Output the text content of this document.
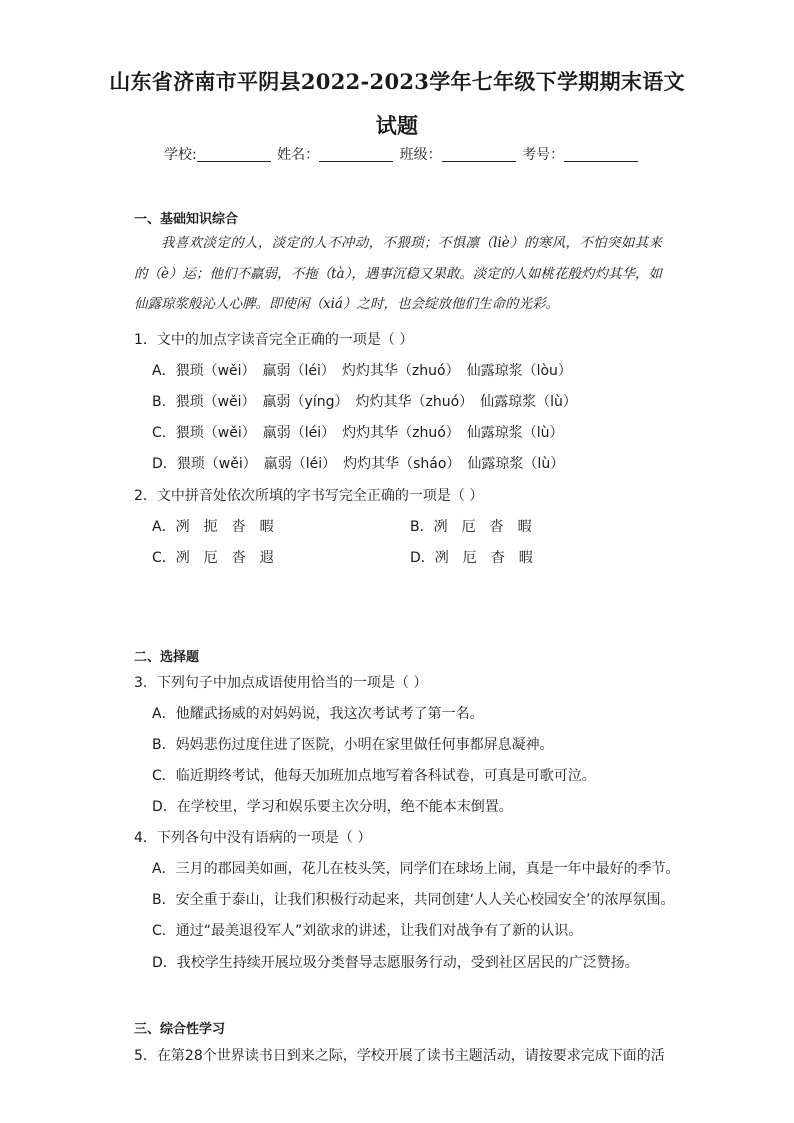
山东省济南市平阴县2022-2023学年七年级下学期期末语文
试题
学校:	姓名：	班级：	考号：
一、基础知识综合

我喜欢淡定的人，淡定的人不冲动，不猥琐；不惧凛（liè）的寒风，不怕突如其来的（è）运；他们不羸弱，不拖（tà），遇事沉稳又果敢。淡定的人如桃花般灼灼其华，如仙露琼浆般沁人心脾。即使闲（xiá）之时，也会绽放他们生命的光彩。

1．文中的加点字读音完全正确的一项是（ ）
A．猥琐（wěi）　羸弱（léi）　灼灼其华（zhuó）　仙露琼浆（lòu）
B．猥琐（wěi）　羸弱（yíng）　灼灼其华（zhuó）　仙露琼浆（lù）
C．猥琐（wěi）　羸弱（léi）　灼灼其华（zhuó）　仙露琼浆（lù）
D．猥琐（wěi）　羸弱（léi）　灼灼其华（sháo）　仙露琼浆（lù）
2．文中拼音处依次所填的字书写完全正确的一项是（ ）
A．冽　扼　沓　暇	B．冽　厄　沓　暇
C．冽　厄　沓　遐	D．冽　厄　杳　暇
二、选择题
3．下列句子中加点成语使用恰当的一项是（ ）
A．他耀武扬威的对妈妈说，我这次考试考了第一名。
B．妈妈悲伤过度住进了医院，小明在家里做任何事都屏息凝神。
C．临近期终考试，他每天加班加点地写着各科试卷，可真是可歌可泣。
D．在学校里，学习和娱乐要主次分明，绝不能本末倒置。
4．下列各句中没有语病的一项是（ ）
A．三月的郡园美如画，花儿在枝头笑，同学们在球场上闹，真是一年中最好的季节。
B．安全重于泰山，让我们积极行动起来，共同创建‘人人关心校园安全’的浓厚氛围。
C．通过“最美退役军人”刘欲求的讲述，让我们对战争有了新的认识。
D．我校学生持续开展垃圾分类督导志愿服务行动，受到社区居民的广泛赞扬。
三、综合性学习
5．在第28个世界读书日到来之际，学校开展了读书主题活动，请按要求完成下面的活
